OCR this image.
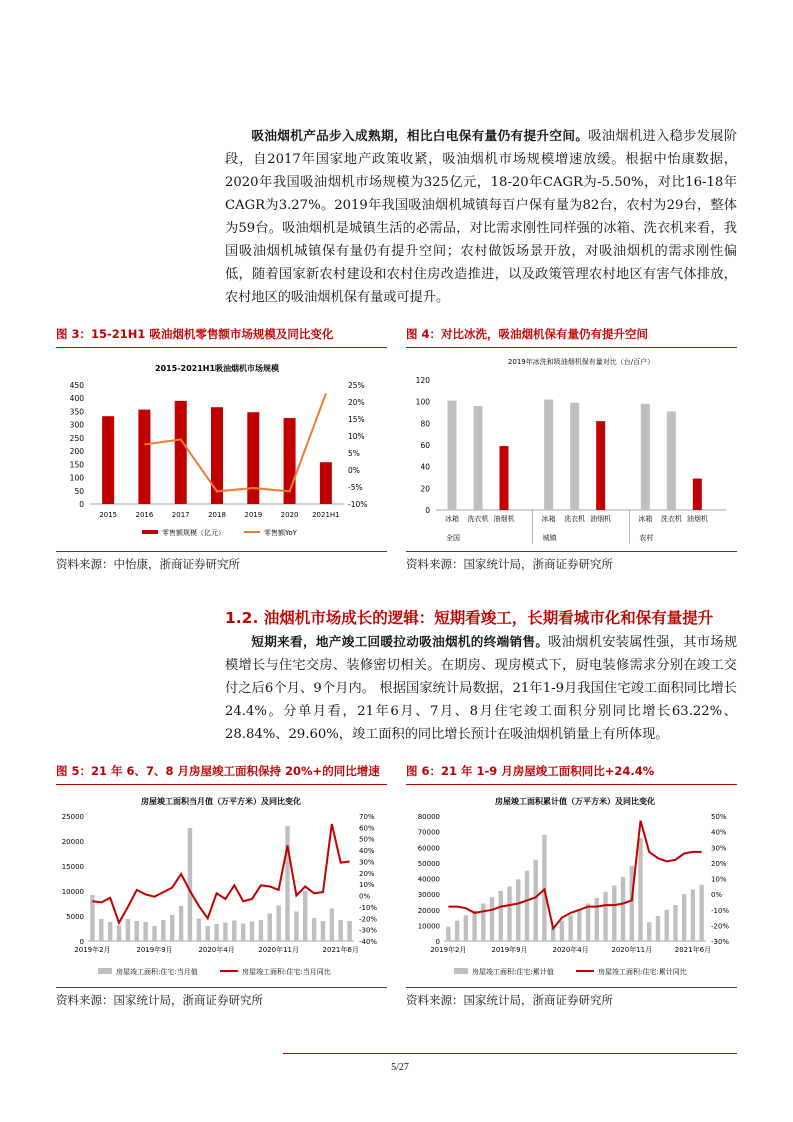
吸油烟机产品步入成熟期，相比白电保有量仍有提升空间。吸油烟机进入稳步发展阶段，自2017年国家地产政策收紧，吸油烟机市场规模增速放缓。根据中怡康数据，2020年我国吸油烟机市场规模为325亿元，18-20年CAGR为-5.50%，对比16-18年CAGR为3.27%。2019年我国吸油烟机城镇每百户保有量为82台，农村为29台，整体为59台。吸油烟机是城镇生活的必需品，对比需求刚性同样强的冰箱、洗衣机来看，我国吸油烟机城镇保有量仍有提升空间；农村做饭场景开放，对吸油烟机的需求刚性偏低，随着国家新农村建设和农村住房改造推进，以及政策管理农村地区有害气体排放，农村地区的吸油烟机保有量或可提升。

图 3：15-21H1 吸油烟机零售额市场规模及同比变化
2015-2021H1吸油烟机市场规模
0
50
100
150
200
250
300
350
400
450
-10%
-5%
0%
5%
10%
15%
20%
25%
2015	2016	2017	2018	2019	2020 2021H1
零售额规模（亿元）	零售额YoY
资料来源：中怡康，浙商证券研究所
图 4：对比冰洗，吸油烟机保有量仍有提升空间
2019年冰洗和吸油烟机保有量对比（台/百户）
0
20
40
60
80
100
120
冰箱 洗衣机 油烟机
全国
冰箱 洗衣机 油烟机
城镇
冰箱 洗衣机 油烟机
农村
资料来源：国家统计局，浙商证券研究所
1.2. 油烟机市场成长的逻辑：短期看竣工，长期看城市化和保有量提升

短期来看，地产竣工回暖拉动吸油烟机的终端销售。吸油烟机安装属性强，其市场规模增长与住宅交房、装修密切相关。在期房、现房模式下，厨电装修需求分别在竣工交付之后6个月、9个月内。 根据国家统计局数据，21年1-9月我国住宅竣工面积同比增长24.4%。分单月看，21年6月、7月、8月住宅竣工面积分别同比增长63.22%、28.84%、29.60%，竣工面积的同比增长预计在吸油烟机销量上有所体现。

图 5：21 年 6、7、8 月房屋竣工面积保持 20%+的同比增速
房屋竣工面积当月值（万平方米）及同比变化
0
5000
10000
15000
20000
25000
-40%
-30%
-20%
-10%
0%
10%
20%
30%
40%
50%
60%
70%
2019年2月	2019年9月	2020年4月	2020年11月	2021年6月
房屋竣工面积:住宅:当月值	房屋竣工面积:住宅:当月同比
资料来源：国家统计局，浙商证券研究所
图 6：21 年 1-9 月房屋竣工面积同比+24.4%
房屋竣工面积累计值（万平方米）及同比变化
0
10000
20000
30000
40000
50000
60000
70000
80000
-30%
-20%
-10%
0%
10%
20%
30%
40%
50%
2019年2月	2019年9月	2020年4月	2020年11月	2021年6月
房屋竣工面积:住宅:累计值	房屋竣工面积:住宅:累计同比
资料来源：国家统计局，浙商证券研究所
5/27
